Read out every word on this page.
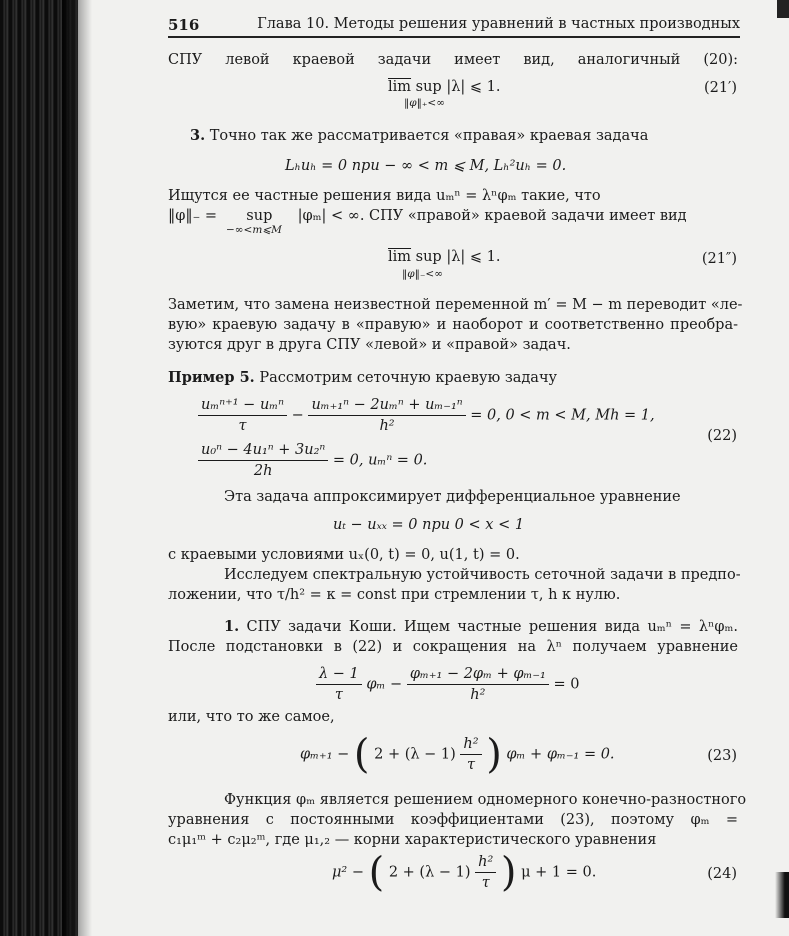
516	Глава 10. Методы решения уравнений в частных производных
СПУ левой краевой задачи имеет вид, аналогичный (20):
$\overline{lim}$ sup |λ| ⩽ 1.
‖φ‖₊<∞
(21′)
3. Точно так же рассматривается «правая» краевая задача
Lₕuₕ = 0 при − ∞ < m ⩽ M, Lₕ²uₕ = 0.
Ищутся ее частные решения вида uₘⁿ = λⁿφₘ такие, что
‖φ‖₋ = sup |φₘ| < ∞. СПУ «правой» краевой задачи имеет вид
−∞<m⩽M
$\overline{lim}$ sup |λ| ⩽ 1.
‖φ‖₋<∞
(21″)
Заметим, что замена неизвестной переменной m′ = M − m переводит «ле-
вую» краевую задачу в «правую» и наоборот и соответственно преобра-
зуются друг в друга СПУ «левой» и «правой» задач.
Пример 5. Рассмотрим сеточную краевую задачу
$\frac{\text{uₘⁿ⁺¹ − uₘⁿ}}{\tau} - \frac{\text{uₘ₊₁ⁿ − 2uₘⁿ + uₘ₋₁ⁿ}}{\text{h²}} = 0$, 0 < m < M, Mh = 1,
$\frac{\text{u₀ⁿ − 4u₁ⁿ + 3u₂ⁿ}}{2h} = 0$, uₘⁿ = 0.
(22)
Эта задача аппроксимирует дифференциальное уравнение
uₜ − uₓₓ = 0 при 0 < x < 1
с краевыми условиями uₓ(0, t) = 0, u(1, t) = 0.
Исследуем спектральную устойчивость сеточной задачи в предпо-
ложении, что τ/h² = κ = const при стремлении τ, h к нулю.
1. СПУ задачи Коши. Ищем частные решения вида uₘⁿ = λⁿφₘ.
После подстановки в (22) и сокращения на λⁿ получаем уравнение
$\frac{\lambda - 1}{\tau}$ $\varphi_m - \frac{\text{φₘ₊₁ − 2φₘ + φₘ₋₁}}{\text{h²}} = 0$
или, что то же самое,
φₘ₊₁ − ( $2 + (\lambda - 1) \frac{\text{h²}}{\tau}$ ) φₘ + φₘ₋₁ = 0.	(23)
Функция φₘ является решением одномерного конечно-разностного
уравнения с постоянными коэффициентами (23), поэтому φₘ =
c₁μ₁ᵐ + c₂μ₂ᵐ, где μ₁,₂ — корни характеристического уравнения
μ² − ( $2 + (\lambda - 1) \frac{\text{h²}}{\tau}$ ) μ + 1 = 0.	(24)
